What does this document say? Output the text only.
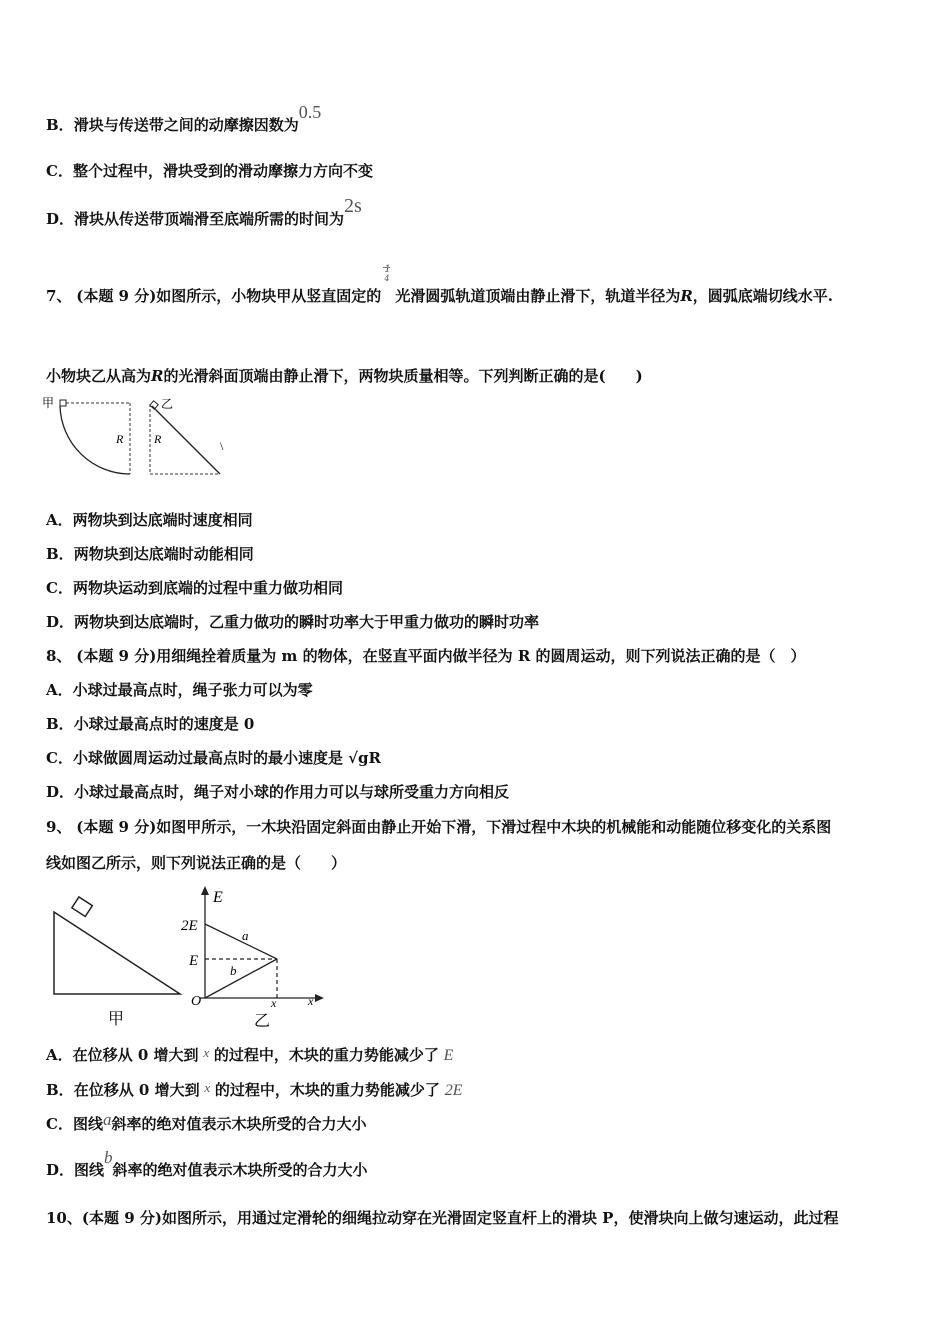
B．滑块与传送带之间的动摩擦因数为0.5
C．整个过程中，滑块受到的滑动摩擦力方向不变
D．滑块从传送带顶端滑至底端所需的时间为2s
7、 (本题 9 分)如图所示，小物块甲从竖直固定的
1
4
光滑圆弧轨道顶端由静止滑下，轨道半径为R，圆弧底端切线水平.
小物块乙从高为R的光滑斜面顶端由静止滑下，两物块质量相等。下列判断正确的是(　　)
甲
R
乙
R	\
A．两物块到达底端时速度相同
B．两物块到达底端时动能相同
C．两物块运动到底端的过程中重力做功相同
D．两物块到达底端时，乙重力做功的瞬时功率大于甲重力做功的瞬时功率
8、 (本题 9 分)用细绳拴着质量为 m 的物体，在竖直平面内做半径为 R 的圆周运动，则下列说法正确的是（　）
A．小球过最高点时，绳子张力可以为零
B．小球过最高点时的速度是 0
C．小球做圆周运动过最高点时的最小速度是 √gR
D．小球过最高点时，绳子对小球的作用力可以与球所受重力方向相反
9、 (本题 9 分)如图甲所示，一木块沿固定斜面由静止开始下滑，下滑过程中木块的机械能和动能随位移变化的关系图
线如图乙所示，则下列说法正确的是（　　）
甲
E
x
2E
E
O	x
a
b
乙
A．在位移从 0 增大到 x 的过程中，木块的重力势能减少了 E
B．在位移从 0 增大到 x 的过程中，木块的重力势能减少了 2E
C．图线a斜率的绝对值表示木块所受的合力大小
D．图线b斜率的绝对值表示木块所受的合力大小
10、(本题 9 分)如图所示，用通过定滑轮的细绳拉动穿在光滑固定竖直杆上的滑块 P，使滑块向上做匀速运动，此过程
